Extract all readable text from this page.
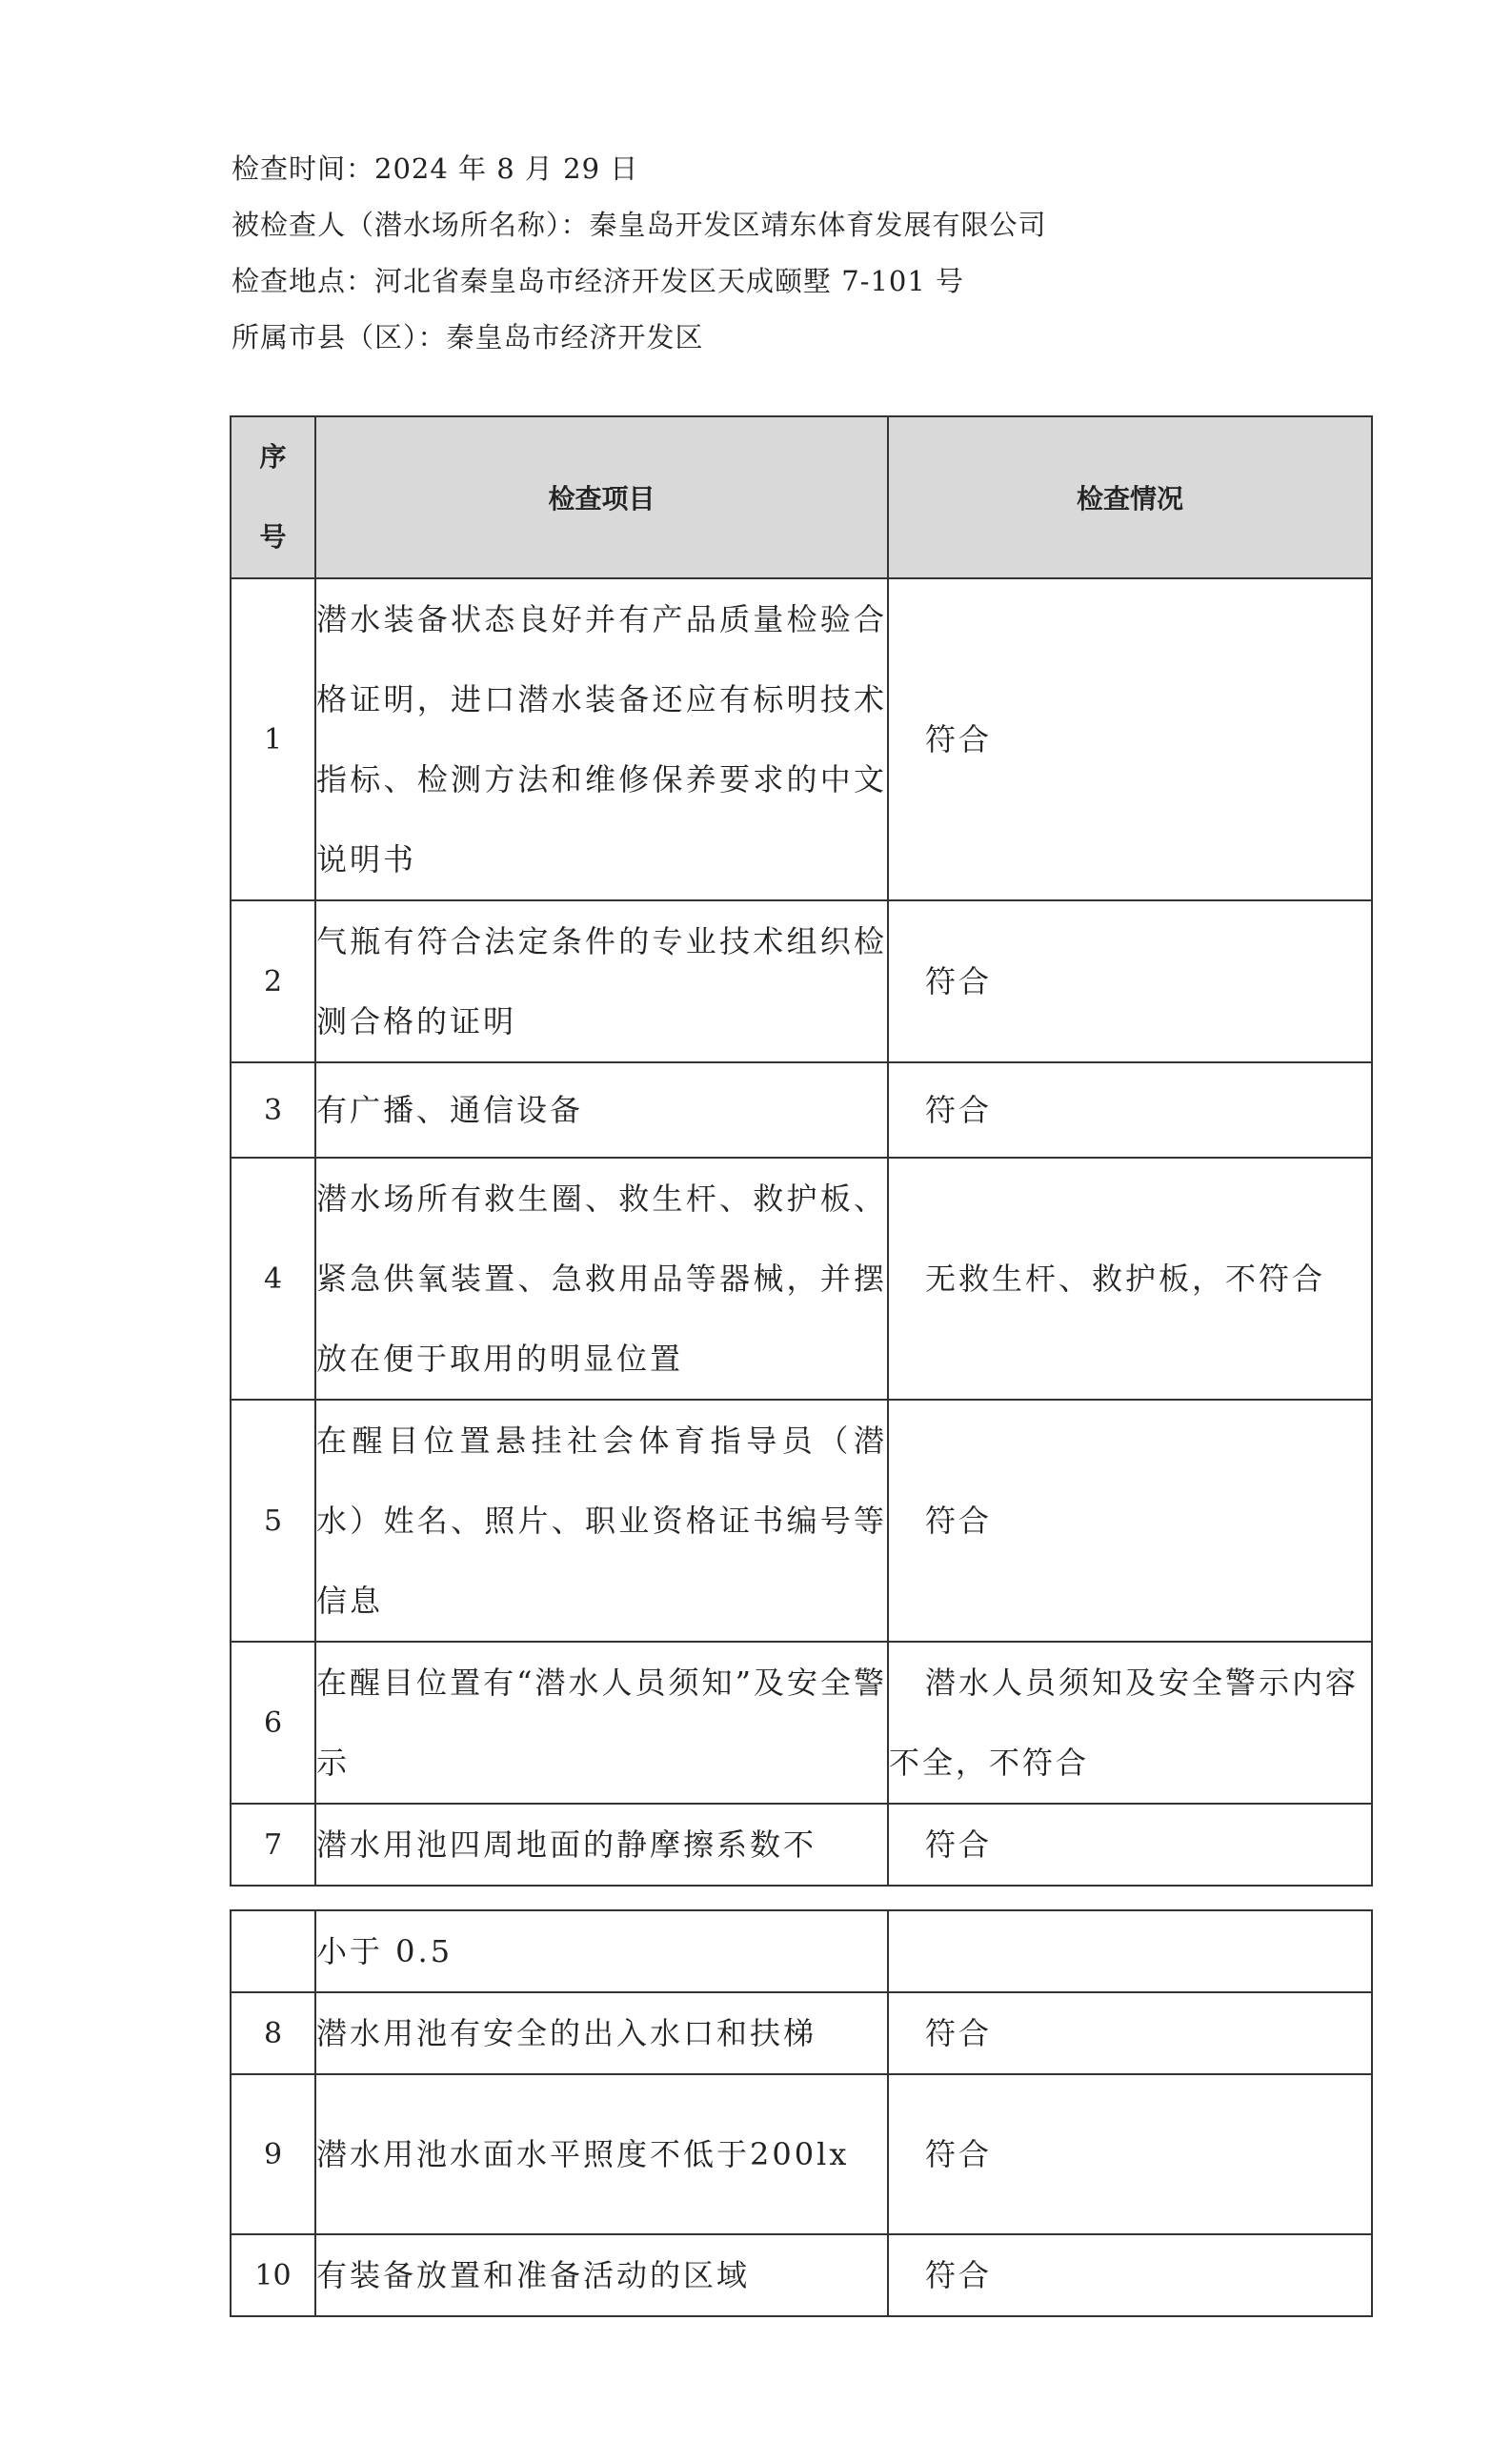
检查时间：2024 年 8 月 29 日
被检查人（潜水场所名称）：秦皇岛开发区靖东体育发展有限公司
检查地点：河北省秦皇岛市经济开发区天成颐墅 7-101 号
所属市县（区）：秦皇岛市经济开发区
序
号	检查项目	检查情况
1	潜水装备状态良好并有产品质量检验合格证明，进口潜水装备还应有标明技术指标、检测方法和维修保养要求的中文说明书	符合
2	气瓶有符合法定条件的专业技术组织检测合格的证明	符合
3	有广播、通信设备	符合
4	潜水场所有救生圈、救生杆、救护板、紧急供氧装置、急救用品等器械，并摆放在便于取用的明显位置	无救生杆、救护板，不符合
5	在醒目位置悬挂社会体育指导员（潜水）姓名、照片、职业资格证书编号等信息	符合
6	在醒目位置有“潜水人员须知”及安全警示	潜水人员须知及安全警示内容不全，不符合
7	潜水用池四周地面的静摩擦系数不	符合
	小于 0.5	
8	潜水用池有安全的出入水口和扶梯	符合
9	潜水用池水面水平照度不低于200lx	符合
10	有装备放置和准备活动的区域	符合
